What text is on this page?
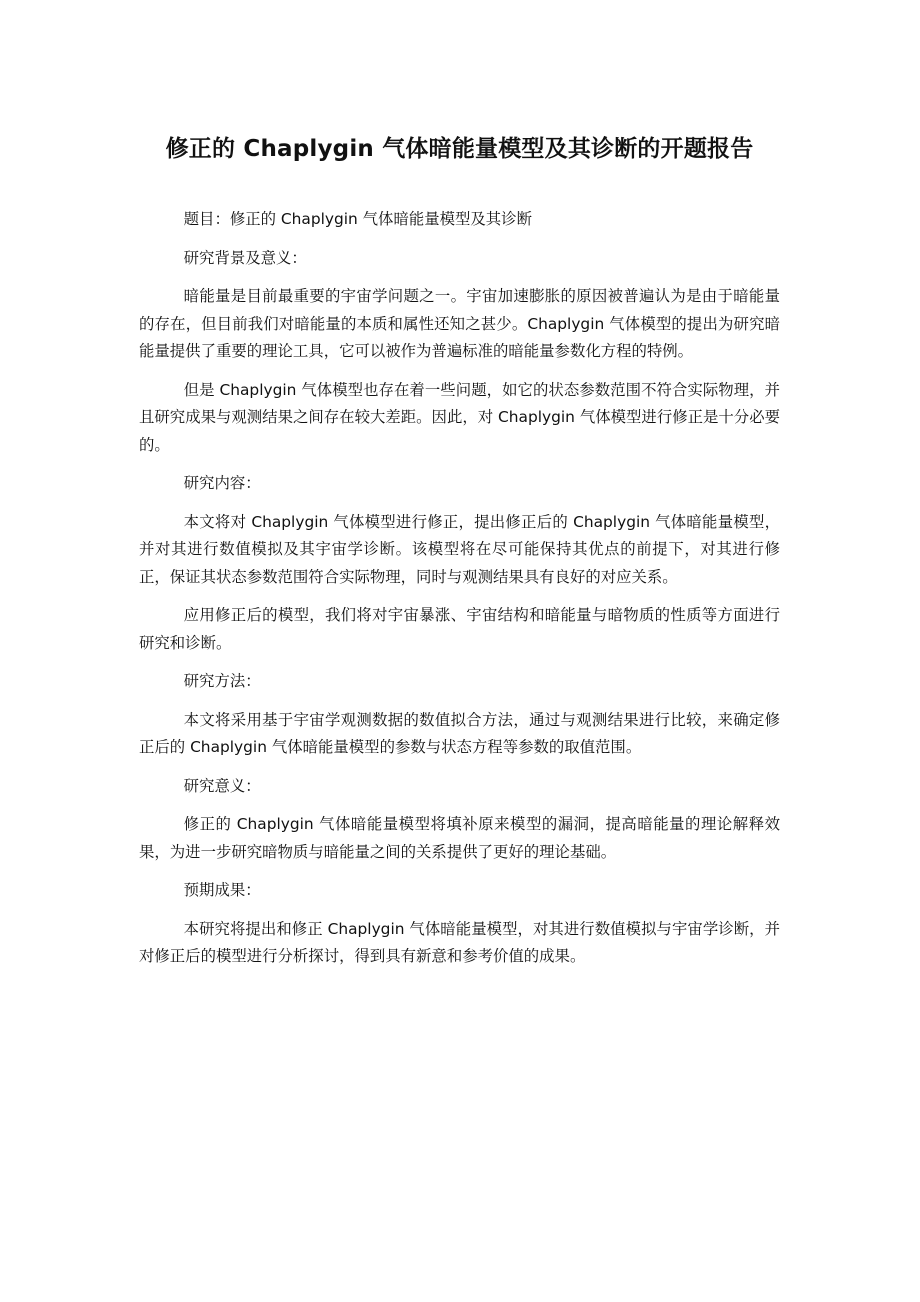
修正的 Chaplygin 气体暗能量模型及其诊断的开题报告

题目：修正的 Chaplygin 气体暗能量模型及其诊断

研究背景及意义：

暗能量是目前最重要的宇宙学问题之一。宇宙加速膨胀的原因被普遍认为是由于暗能量的存在，但目前我们对暗能量的本质和属性还知之甚少。Chaplygin 气体模型的提出为研究暗能量提供了重要的理论工具，它可以被作为普遍标准的暗能量参数化方程的特例。

但是 Chaplygin 气体模型也存在着一些问题，如它的状态参数范围不符合实际物理，并且研究成果与观测结果之间存在较大差距。因此，对 Chaplygin 气体模型进行修正是十分必要的。

研究内容：

本文将对 Chaplygin 气体模型进行修正，提出修正后的 Chaplygin 气体暗能量模型，并对其进行数值模拟及其宇宙学诊断。该模型将在尽可能保持其优点的前提下，对其进行修正，保证其状态参数范围符合实际物理，同时与观测结果具有良好的对应关系。

应用修正后的模型，我们将对宇宙暴涨、宇宙结构和暗能量与暗物质的性质等方面进行研究和诊断。

研究方法：

本文将采用基于宇宙学观测数据的数值拟合方法，通过与观测结果进行比较，来确定修正后的 Chaplygin 气体暗能量模型的参数与状态方程等参数的取值范围。

研究意义：

修正的 Chaplygin 气体暗能量模型将填补原来模型的漏洞，提高暗能量的理论解释效果，为进一步研究暗物质与暗能量之间的关系提供了更好的理论基础。

预期成果：

本研究将提出和修正 Chaplygin 气体暗能量模型，对其进行数值模拟与宇宙学诊断，并对修正后的模型进行分析探讨，得到具有新意和参考价值的成果。
